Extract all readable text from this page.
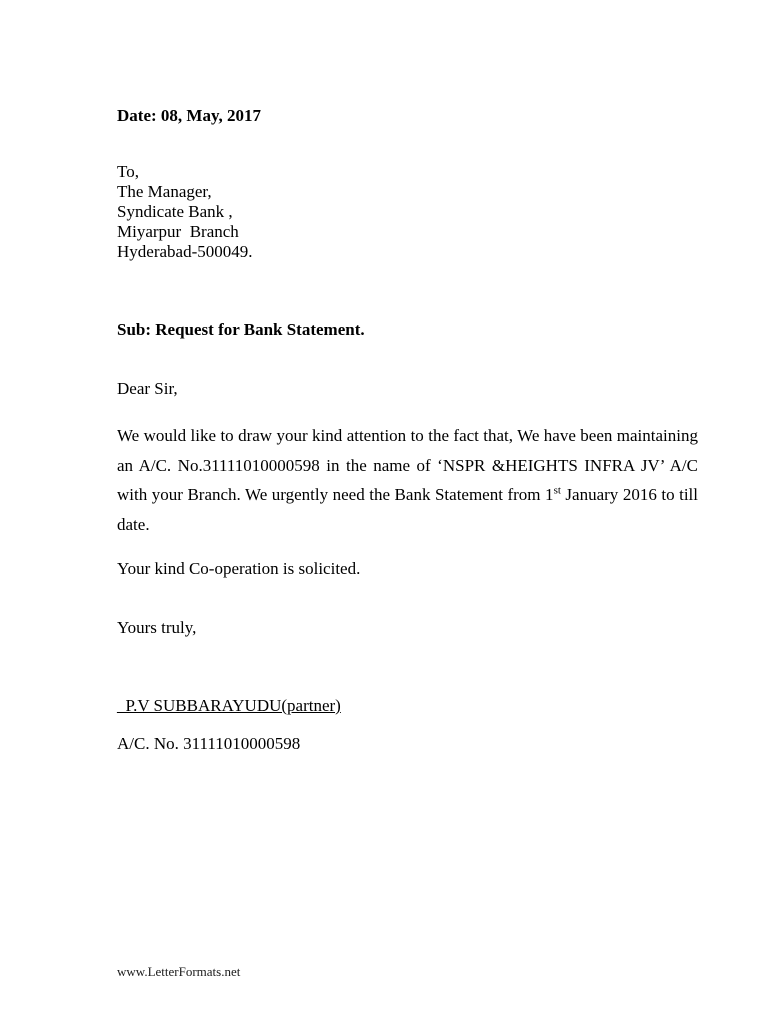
Date: 08, May, 2017
To,
The Manager,
Syndicate Bank ,
Miyarpur  Branch
Hyderabad-500049.
Sub: Request for Bank Statement.
Dear Sir,

We would like to draw your kind attention to the fact that, We have been maintaining an A/C. No.31111010000598 in the name of ‘NSPR &HEIGHTS INFRA JV’ A/C with your Branch. We urgently need the Bank Statement from 1st January 2016 to till date.

Your kind Co-operation is solicited.
Yours truly,
_P.V SUBBARAYUDU(partner)
A/C. No. 31111010000598
www.LetterFormats.net
